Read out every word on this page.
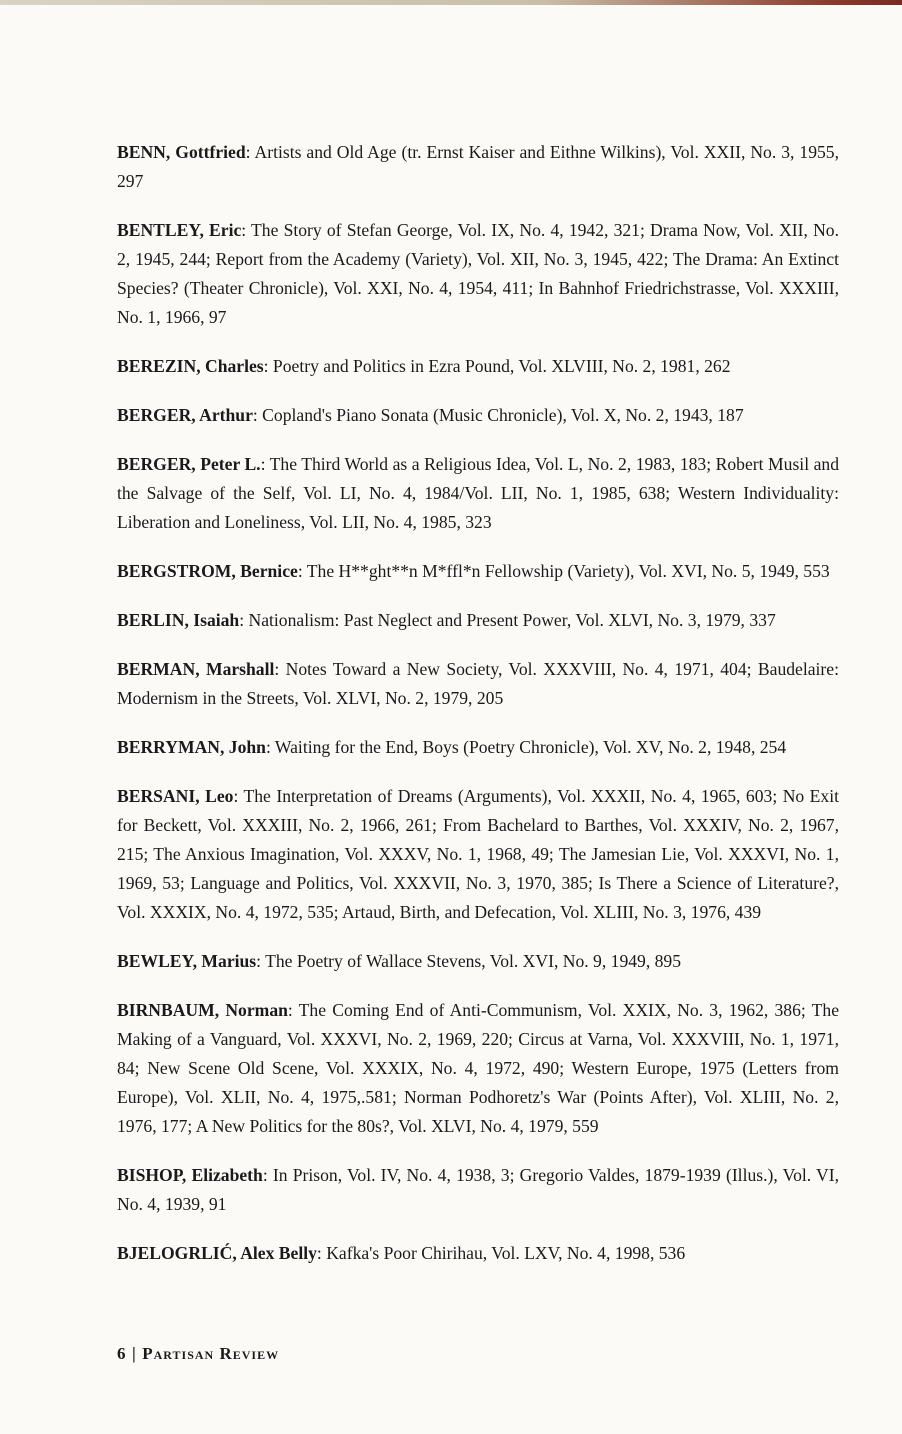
BENN, Gottfried: Artists and Old Age (tr. Ernst Kaiser and Eithne Wilkins), Vol. XXII, No. 3, 1955, 297

BENTLEY, Eric: The Story of Stefan George, Vol. IX, No. 4, 1942, 321; Drama Now, Vol. XII, No. 2, 1945, 244; Report from the Academy (Variety), Vol. XII, No. 3, 1945, 422; The Drama: An Extinct Species? (Theater Chronicle), Vol. XXI, No. 4, 1954, 411; In Bahnhof Friedrichstrasse, Vol. XXXIII, No. 1, 1966, 97

BEREZIN, Charles: Poetry and Politics in Ezra Pound, Vol. XLVIII, No. 2, 1981, 262

BERGER, Arthur: Copland's Piano Sonata (Music Chronicle), Vol. X, No. 2, 1943, 187

BERGER, Peter L.: The Third World as a Religious Idea, Vol. L, No. 2, 1983, 183; Robert Musil and the Salvage of the Self, Vol. LI, No. 4, 1984/Vol. LII, No. 1, 1985, 638; Western Individuality: Liberation and Loneliness, Vol. LII, No. 4, 1985, 323

BERGSTROM, Bernice: The H**ght**n M*ffl*n Fellowship (Variety), Vol. XVI, No. 5, 1949, 553

BERLIN, Isaiah: Nationalism: Past Neglect and Present Power, Vol. XLVI, No. 3, 1979, 337

BERMAN, Marshall: Notes Toward a New Society, Vol. XXXVIII, No. 4, 1971, 404; Baudelaire: Modernism in the Streets, Vol. XLVI, No. 2, 1979, 205

BERRYMAN, John: Waiting for the End, Boys (Poetry Chronicle), Vol. XV, No. 2, 1948, 254

BERSANI, Leo: The Interpretation of Dreams (Arguments), Vol. XXXII, No. 4, 1965, 603; No Exit for Beckett, Vol. XXXIII, No. 2, 1966, 261; From Bachelard to Barthes, Vol. XXXIV, No. 2, 1967, 215; The Anxious Imagination, Vol. XXXV, No. 1, 1968, 49; The Jamesian Lie, Vol. XXXVI, No. 1, 1969, 53; Language and Politics, Vol. XXXVII, No. 3, 1970, 385; Is There a Science of Literature?, Vol. XXXIX, No. 4, 1972, 535; Artaud, Birth, and Defecation, Vol. XLIII, No. 3, 1976, 439

BEWLEY, Marius: The Poetry of Wallace Stevens, Vol. XVI, No. 9, 1949, 895

BIRNBAUM, Norman: The Coming End of Anti-Communism, Vol. XXIX, No. 3, 1962, 386; The Making of a Vanguard, Vol. XXXVI, No. 2, 1969, 220; Circus at Varna, Vol. XXXVIII, No. 1, 1971, 84; New Scene Old Scene, Vol. XXXIX, No. 4, 1972, 490; Western Europe, 1975 (Letters from Europe), Vol. XLII, No. 4, 1975,.581; Norman Podhoretz's War (Points After), Vol. XLIII, No. 2, 1976, 177; A New Politics for the 80s?, Vol. XLVI, No. 4, 1979, 559

BISHOP, Elizabeth: In Prison, Vol. IV, No. 4, 1938, 3; Gregorio Valdes, 1879-1939 (Illus.), Vol. VI, No. 4, 1939, 91

BJELOGRLIĆ, Alex Belly: Kafka's Poor Chirihau, Vol. LXV, No. 4, 1998, 536

6 | Partisan Review
